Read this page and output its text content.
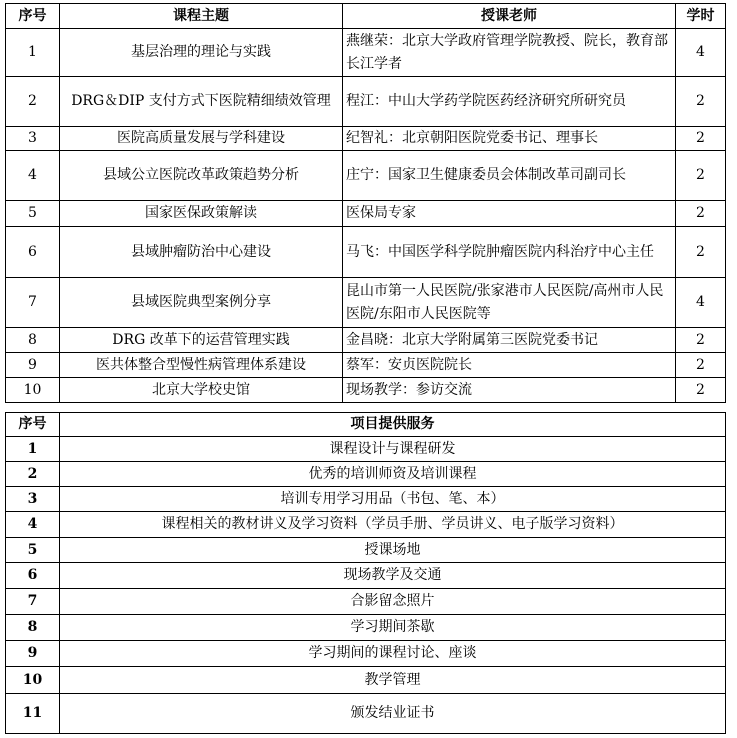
序号	课程主题	授课老师	学时
1	基层治理的理论与实践	燕继荣：北京大学政府管理学院教授、院长，教育部长江学者	4
2	DRG＆DIP 支付方式下医院精细绩效管理	程江：中山大学药学院医药经济研究所研究员	2
3	医院高质量发展与学科建设	纪智礼：北京朝阳医院党委书记、理事长	2
4	县域公立医院改革政策趋势分析	庄宁：国家卫生健康委员会体制改革司副司长	2
5	国家医保政策解读	医保局专家	2
6	县域肿瘤防治中心建设	马飞：中国医学科学院肿瘤医院内科治疗中心主任	2
7	县域医院典型案例分享	昆山市第一人民医院/张家港市人民医院/高州市人民医院/东阳市人民医院等	4
8	DRG 改革下的运营管理实践	金昌晓：北京大学附属第三医院党委书记	2
9	医共体整合型慢性病管理体系建设	蔡军：安贞医院院长	2
10	北京大学校史馆	现场教学：参访交流	2
序号	项目提供服务
1	课程设计与课程研发
2	优秀的培训师资及培训课程
3	培训专用学习用品（书包、笔、本）
4	课程相关的教材讲义及学习资料（学员手册、学员讲义、电子版学习资料）
5	授课场地
6	现场教学及交通
7	合影留念照片
8	学习期间茶歇
9	学习期间的课程讨论、座谈
10	教学管理
11	颁发结业证书
